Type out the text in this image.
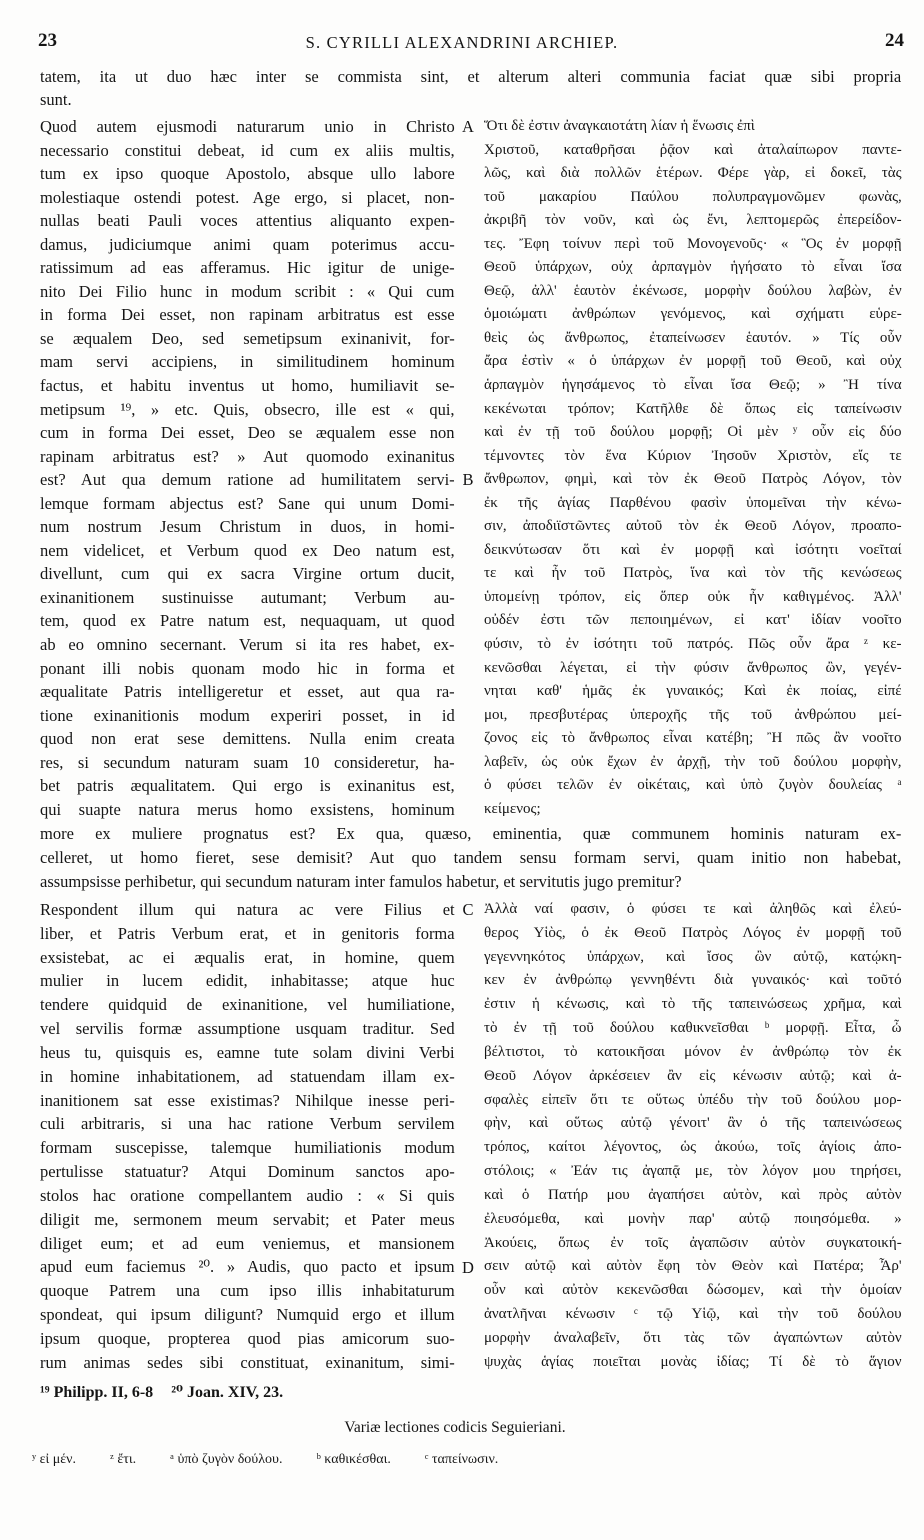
23	S. CYRILLI ALEXANDRINI ARCHIEP.	24
tatem, ita ut duo hæc inter se commista sint, et alterum alteri communia faciat quæ sibi propria
sunt.
Quod autem ejusmodi naturarum unio in Christo
necessario constitui debeat, id cum ex aliis multis,
tum ex ipso quoque Apostolo, absque ullo labore
molestiaque ostendi potest. Age ergo, si placet, non-
nullas beati Pauli voces attentius aliquanto expen-
damus, judiciumque animi quam poterimus accu-
ratissimum ad eas afferamus. Hic igitur de unige-
nito Dei Filio hunc in modum scribit : « Qui cum
in forma Dei esset, non rapinam arbitratus est esse
se æqualem Deo, sed semetipsum exinanivit, for-
mam servi accipiens, in similitudinem hominum
factus, et habitu inventus ut homo, humiliavit se-
metipsum ¹⁹, » etc. Quis, obsecro, ille est « qui,
cum in forma Dei esset, Deo se æqualem esse non
rapinam arbitratus est? » Aut quomodo exinanitus
est? Aut qua demum ratione ad humilitatem servi-
lemque formam abjectus est? Sane qui unum Domi-
num nostrum Jesum Christum in duos, in homi-
nem videlicet, et Verbum quod ex Deo natum est,
divellunt, cum qui ex sacra Virgine ortum ducit,
exinanitionem sustinuisse autumant; Verbum au-
tem, quod ex Patre natum est, nequaquam, ut quod
ab eo omnino secernant. Verum si ita res habet, ex-
ponant illi nobis quonam modo hic in forma et
æqualitate Patris intelligeretur et esset, aut qua ra-
tione exinanitionis modum experiri posset, in id
quod non erat sese demittens. Nulla enim creata
res, si secundum naturam suam 10 consideretur, ha-
bet patris æqualitatem. Qui ergo is exinanitus est,
qui suapte natura merus homo exsistens, hominum
Ὅτι δὲ ἐστιν ἀναγκαιοτάτη λίαν ἡ ἕνωσις ἐπὶ
Χριστοῦ, καταθρῆσαι ῥᾷον καὶ ἀταλαίπωρον παντε-
λῶς, καὶ διὰ πολλῶν ἑτέρων. Φέρε γὰρ, εἰ δοκεῖ, τὰς
τοῦ μακαρίου Παύλου πολυπραγμονῶμεν φωνὰς,
ἀκριβῆ τὸν νοῦν, καὶ ὡς ἔνι, λεπτομερῶς ἐπερείδον-
τες. Ἔφη τοίνυν περὶ τοῦ Μονογενοῦς· « Ὃς ἐν μορφῇ
Θεοῦ ὑπάρχων, οὐχ ἁρπαγμὸν ἡγήσατο τὸ εἶναι ἴσα
Θεῷ, ἀλλ' ἑαυτὸν ἐκένωσε, μορφὴν δούλου λαβὼν, ἐν
ὁμοιώματι ἀνθρώπων γενόμενος, καὶ σχήματι εὑρε-
θεὶς ὡς ἄνθρωπος, ἐταπείνωσεν ἑαυτόν. » Τίς οὖν
ἄρα ἐστὶν « ὁ ὑπάρχων ἐν μορφῇ τοῦ Θεοῦ, καὶ οὐχ
ἁρπαγμὸν ἡγησάμενος τὸ εἶναι ἴσα Θεῷ; » Ἢ τίνα
κεκένωται τρόπον; Κατῆλθε δὲ ὅπως εἰς ταπείνωσιν
καὶ ἐν τῇ τοῦ δούλου μορφῇ; Οἱ μὲν ʸ οὖν εἰς δύο
τέμνοντες τὸν ἕνα Κύριον Ἰησοῦν Χριστὸν, εἴς τε
ἄνθρωπον, φημὶ, καὶ τὸν ἐκ Θεοῦ Πατρὸς Λόγον, τὸν
ἐκ τῆς ἁγίας Παρθένου φασὶν ὑπομεῖναι τὴν κένω-
σιν, ἀποδιϊστῶντες αὐτοῦ τὸν ἐκ Θεοῦ Λόγον, προαπο-
δεικνύτωσαν ὅτι καὶ ἐν μορφῇ καὶ ἰσότητι νοεῖταί
τε καὶ ἦν τοῦ Πατρὸς, ἵνα καὶ τὸν τῆς κενώσεως
ὑπομείνῃ τρόπον, εἰς ὅπερ οὐκ ἦν καθιγμένος. Ἀλλ'
οὐδέν ἐστι τῶν πεποιημένων, εἰ κατ' ἰδίαν νοοῖτο
φύσιν, τὸ ἐν ἰσότητι τοῦ πατρός. Πῶς οὖν ἄρα ᶻ κε-
κενῶσθαι λέγεται, εἰ τὴν φύσιν ἄνθρωπος ὢν, γεγέν-
νηται καθ' ἡμᾶς ἐκ γυναικός; Καὶ ἐκ ποίας, εἰπέ
μοι, πρεσβυτέρας ὑπεροχῆς τῆς τοῦ ἀνθρώπου μεί-
ζονος εἰς τὸ ἄνθρωπος εἶναι κατέβη; Ἢ πῶς ἂν νοοῖτο
λαβεῖν, ὡς οὐκ ἔχων ἐν ἀρχῇ, τὴν τοῦ δούλου μορφὴν,
ὁ φύσει τελῶν ἐν οἰκέταις, καὶ ὑπὸ ζυγὸν δουλείας ᵃ
κείμενος;
A
B
more ex muliere prognatus est? Ex qua, quæso, eminentia, quæ communem hominis naturam ex-
celleret, ut homo fieret, sese demisit? Aut quo tandem sensu formam servi, quam initio non habebat,
assumpsisse perhibetur, qui secundum naturam inter famulos habetur, et servitutis jugo premitur?
Respondent illum qui natura ac vere Filius et
liber, et Patris Verbum erat, et in genitoris forma
exsistebat, ac ei æqualis erat, in homine, quem
mulier in lucem edidit, inhabitasse; atque huc
tendere quidquid de exinanitione, vel humiliatione,
vel servilis formæ assumptione usquam traditur. Sed
heus tu, quisquis es, eamne tute solam divini Verbi
in homine inhabitationem, ad statuendam illam ex-
inanitionem sat esse existimas? Nihilque inesse peri-
culi arbitraris, si una hac ratione Verbum servilem
formam suscepisse, talemque humiliationis modum
pertulisse statuatur? Atqui Dominum sanctos apo-
stolos hac oratione compellantem audio : « Si quis
diligit me, sermonem meum servabit; et Pater meus
diliget eum; et ad eum veniemus, et mansionem
apud eum faciemus ²⁰. » Audis, quo pacto et ipsum
quoque Patrem una cum ipso illis inhabitaturum
spondeat, qui ipsum diligunt? Numquid ergo et illum
ipsum quoque, propterea quod pias amicorum suo-
rum animas sedes sibi constituat, exinanitum, simi-
Ἀλλὰ ναί φασιν, ὁ φύσει τε καὶ ἀληθῶς καὶ ἐλεύ-
θερος Υἱὸς, ὁ ἐκ Θεοῦ Πατρὸς Λόγος ἐν μορφῇ τοῦ
γεγεννηκότος ὑπάρχων, καὶ ἴσος ὢν αὐτῷ, κατῴκη-
κεν ἐν ἀνθρώπῳ γεννηθέντι διὰ γυναικός· καὶ τοῦτό
ἐστιν ἡ κένωσις, καὶ τὸ τῆς ταπεινώσεως χρῆμα, καὶ
τὸ ἐν τῇ τοῦ δούλου καθικνεῖσθαι ᵇ μορφῇ. Εἶτα, ὦ
βέλτιστοι, τὸ κατοικῆσαι μόνον ἐν ἀνθρώπῳ τὸν ἐκ
Θεοῦ Λόγον ἀρκέσειεν ἂν εἰς κένωσιν αὐτῷ; καὶ ἀ-
σφαλὲς εἰπεῖν ὅτι τε οὕτως ὑπέδυ τὴν τοῦ δούλου μορ-
φὴν, καὶ οὕτως αὐτῷ γένοιτ' ἂν ὁ τῆς ταπεινώσεως
τρόπος, καίτοι λέγοντος, ὡς ἀκούω, τοῖς ἁγίοις ἀπο-
στόλοις; « Ἐάν τις ἀγαπᾷ με, τὸν λόγον μου τηρήσει,
καὶ ὁ Πατήρ μου ἀγαπήσει αὐτὸν, καὶ πρὸς αὐτὸν
ἐλευσόμεθα, καὶ μονὴν παρ' αὐτῷ ποιησόμεθα. »
Ἀκούεις, ὅπως ἐν τοῖς ἀγαπῶσιν αὐτὸν συγκατοική-
σειν αὐτῷ καὶ αὐτὸν ἔφη τὸν Θεὸν καὶ Πατέρα; Ἆρ'
οὖν καὶ αὐτὸν κεκενῶσθαι δώσομεν, καὶ τὴν ὁμοίαν
ἀνατλῆναι κένωσιν ᶜ τῷ Υἱῷ, καὶ τὴν τοῦ δούλου
μορφὴν ἀναλαβεῖν, ὅτι τὰς τῶν ἀγαπώντων αὐτὸν
ψυχὰς ἁγίας ποιεῖται μονὰς ἰδίας; Τί δὲ τὸ ἅγιον
C
D
¹⁹ Philipp. II, 6-8 ²⁰ Joan. XIV, 23.
Variæ lectiones codicis Seguieriani.
ʸ εἰ μέν. ᶻ ἔτι. ᵃ ὑπὸ ζυγὸν δούλου. ᵇ καθικέσθαι. ᶜ ταπείνωσιν.
